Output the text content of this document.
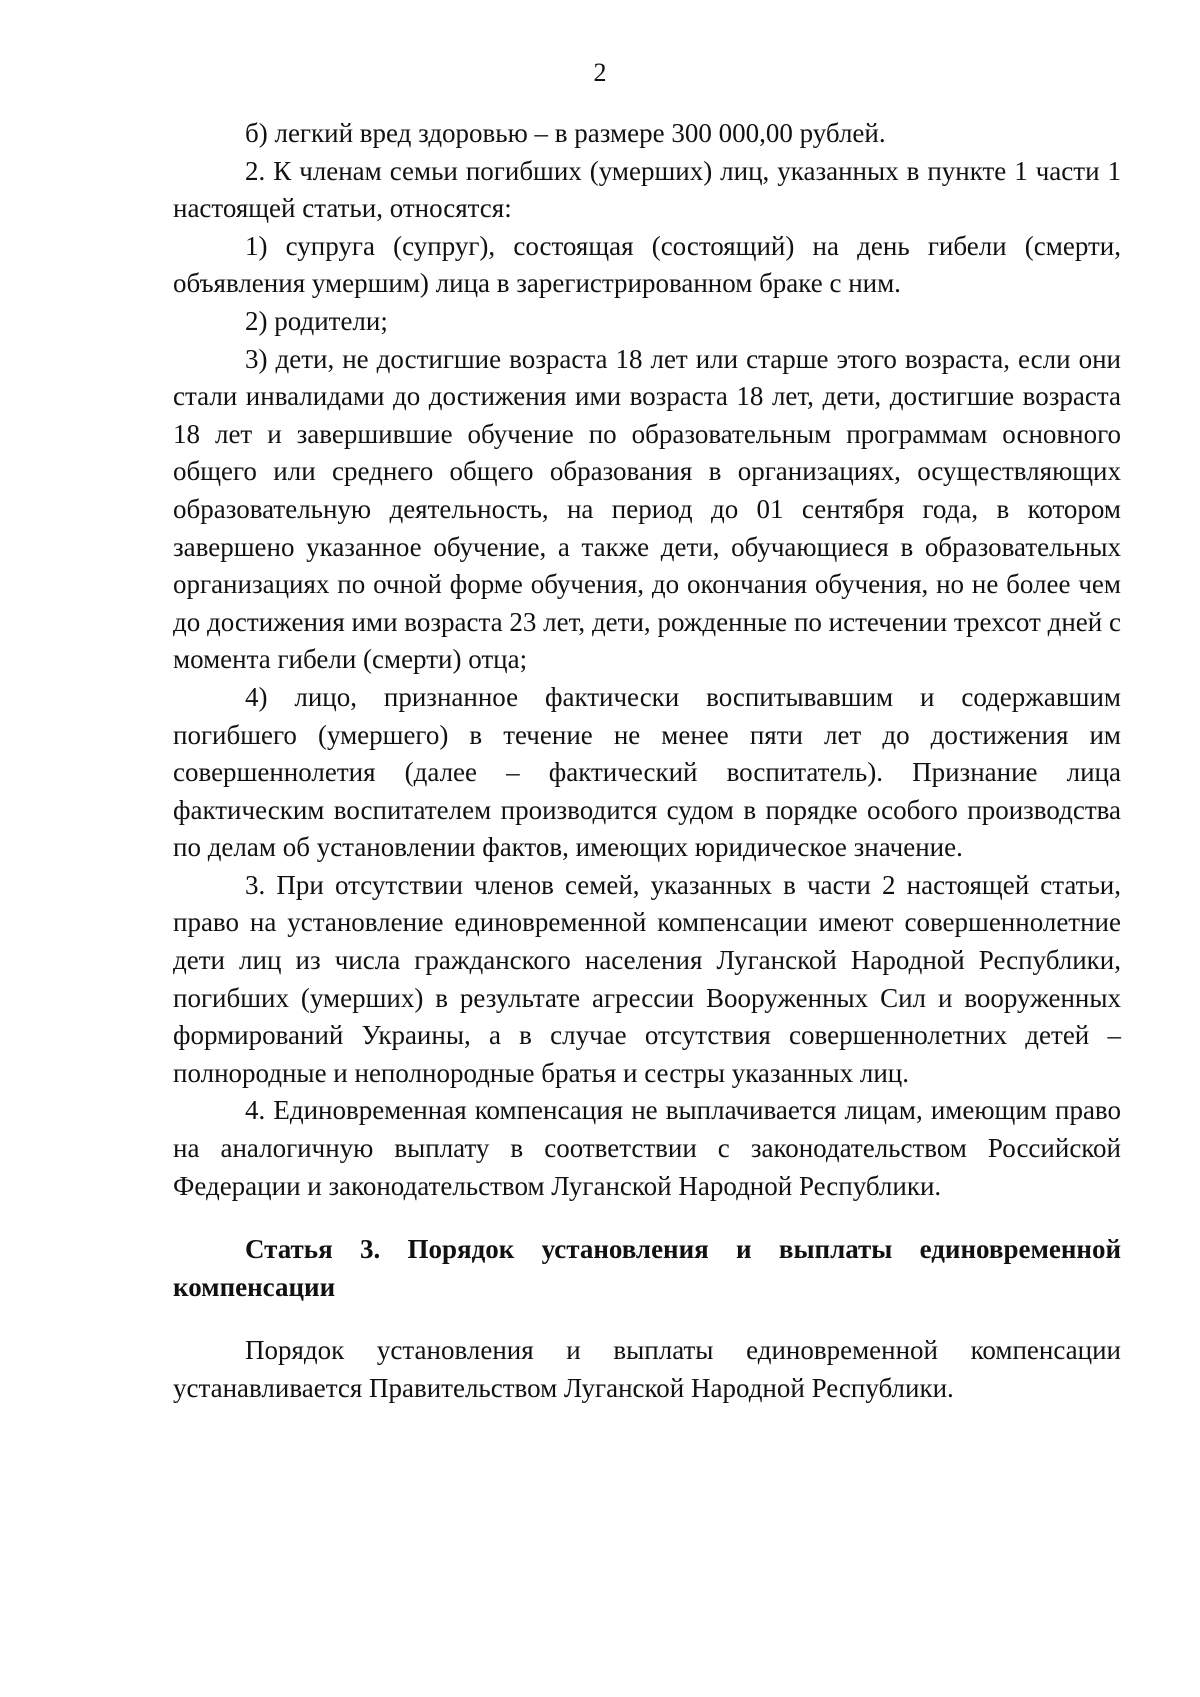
2

б) легкий вред здоровью – в размере 300 000,00 рублей.

2. К членам семьи погибших (умерших) лиц, указанных в пункте 1 части 1 настоящей статьи, относятся:

1) супруга (супруг), состоящая (состоящий) на день гибели (смерти, объявления умершим) лица в зарегистрированном браке с ним.

2) родители;

3) дети, не достигшие возраста 18 лет или старше этого возраста, если они стали инвалидами до достижения ими возраста 18 лет, дети, достигшие возраста 18 лет и завершившие обучение по образовательным программам основного общего или среднего общего образования в организациях, осуществляющих образовательную деятельность, на период до 01 сентября года, в котором завершено указанное обучение, а также дети, обучающиеся в образовательных организациях по очной форме обучения, до окончания обучения, но не более чем до достижения ими возраста 23 лет, дети, рожденные по истечении трехсот дней с момента гибели (смерти) отца;

4) лицо, признанное фактически воспитывавшим и содержавшим погибшего (умершего) в течение не менее пяти лет до достижения им совершеннолетия (далее – фактический воспитатель). Признание лица фактическим воспитателем производится судом в порядке особого производства по делам об установлении фактов, имеющих юридическое значение.

3. При отсутствии членов семей, указанных в части 2 настоящей статьи, право на установление единовременной компенсации имеют совершеннолетние дети лиц из числа гражданского населения Луганской Народной Республики, погибших (умерших) в результате агрессии Вооруженных Сил и вооруженных формирований Украины, а в случае отсутствия совершеннолетних детей – полнородные и неполнородные братья и сестры указанных лиц.

4. Единовременная компенсация не выплачивается лицам, имеющим право на аналогичную выплату в соответствии с законодательством Российской Федерации и законодательством Луганской Народной Республики.

Статья 3. Порядок установления и выплаты единовременной компенсации

Порядок установления и выплаты единовременной компенсации устанавливается Правительством Луганской Народной Республики.
